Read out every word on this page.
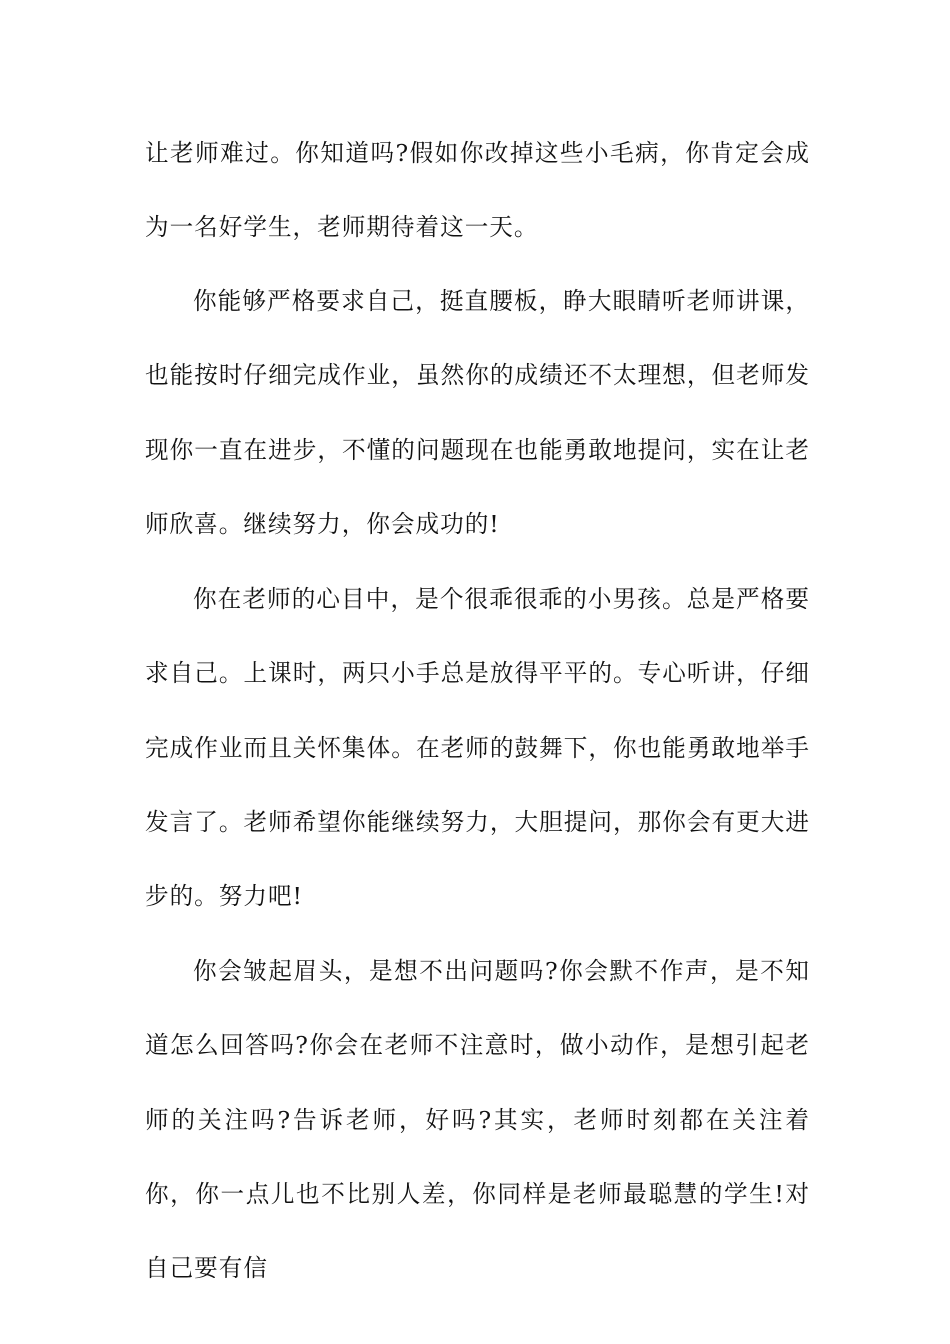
让老师难过。你知道吗?假如你改掉这些小毛病，你肯定会成为一名好学生，老师期待着这一天。

你能够严格要求自己，挺直腰板，睁大眼睛听老师讲课，也能按时仔细完成作业，虽然你的成绩还不太理想，但老师发现你一直在进步，不懂的问题现在也能勇敢地提问，实在让老师欣喜。继续努力，你会成功的!

你在老师的心目中，是个很乖很乖的小男孩。总是严格要求自己。上课时，两只小手总是放得平平的。专心听讲，仔细完成作业而且关怀集体。在老师的鼓舞下，你也能勇敢地举手发言了。老师希望你能继续努力，大胆提问，那你会有更大进步的。努力吧!

你会皱起眉头，是想不出问题吗?你会默不作声，是不知道怎么回答吗?你会在老师不注意时，做小动作，是想引起老师的关注吗?告诉老师，好吗?其实，老师时刻都在关注着你，你一点儿也不比别人差，你同样是老师最聪慧的学生!对自己要有信
